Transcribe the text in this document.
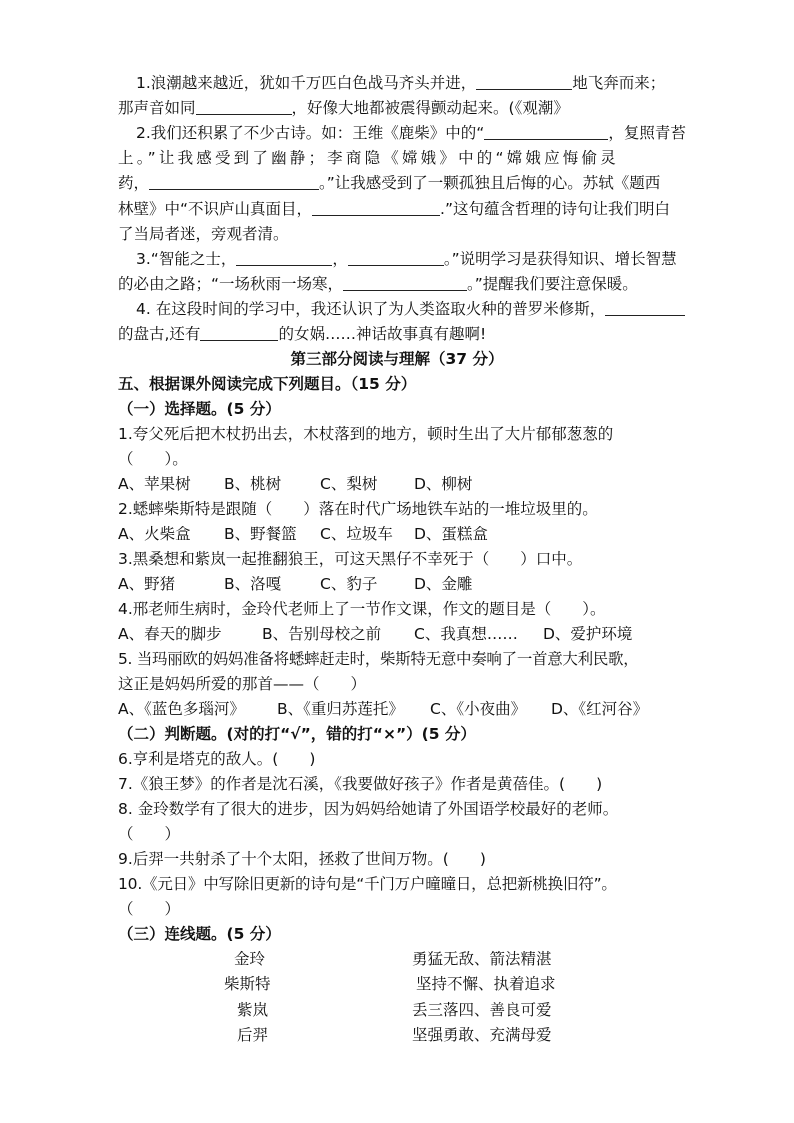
1.浪潮越来越近，犹如千万匹白色战马齐头并进，	地飞奔而来；
那声音如同	，好像大地都被震得颤动起来。(《观潮》
2.我们还积累了不少古诗。如：王维《鹿柴》中的“	，复照青苔
上。”让我感受到了幽静；李商隐《嫦娥》中的“嫦娥应悔偷灵
药，	。”让我感受到了一颗孤独且后悔的心。苏轼《题西
林壁》中“不识庐山真面目，	.”这句蕴含哲理的诗句让我们明白
了当局者迷，旁观者清。
3.“智能之士，	，	。”说明学习是获得知识、增长智慧
的必由之路；“一场秋雨一场寒，	。”提醒我们要注意保暖。
4. 在这段时间的学习中，我还认识了为人类盗取火种的普罗米修斯，
的盘古,还有	的女娲……神话故事真有趣啊!
第三部分阅读与理解（37 分）
五、根据课外阅读完成下列题目。（15 分）
（一）选择题。(5 分）
1.夸父死后把木杖扔出去，木杖落到的地方，顿时生出了大片郁郁葱葱的
（　　）。
A、苹果树 B、桃树	C、梨树 D、柳树
2.蟋蟀柴斯特是跟随（　　）落在时代广场地铁车站的一堆垃圾里的。
A、火柴盒 B、野餐篮 C、垃圾车 D、蛋糕盒
3.黑桑想和紫岚一起推翻狼王，可这天黑仔不幸死于（　　）口中。
A、野猪	B、洛嘎	C、豹子 D、金雕
4.邢老师生病时，金玲代老师上了一节作文课，作文的题目是（　　）。
A、春天的脚步	B、告别母校之前 C、我真想…… D、爱护环境
5. 当玛丽欧的妈妈准备将蟋蟀赶走时，柴斯特无意中奏响了一首意大利民歌，
这正是妈妈所爱的那首——（　　）
A、《蓝色多瑙河》 B、《重归苏莲托》 C、《小夜曲》 D、《红河谷》
（二）判断题。(对的打“√”，错的打“×”）(5 分）
6.亨利是塔克的敌人。(　　)
7.《狼王梦》的作者是沈石溪，《我要做好孩子》作者是黄蓓佳。(　　)
8. 金玲数学有了很大的进步，因为妈妈给她请了外国语学校最好的老师。
（　　）
9.后羿一共射杀了十个太阳，拯救了世间万物。(　　)
10.《元日》中写除旧更新的诗句是“千门万户曈曈日，总把新桃换旧符”。
（　　）
（三）连线题。(5 分）
金玲	勇猛无敌、箭法精湛
柴斯特	坚持不懈、执着追求
紫岚	丢三落四、善良可爱
后羿	坚强勇敢、充满母爱
